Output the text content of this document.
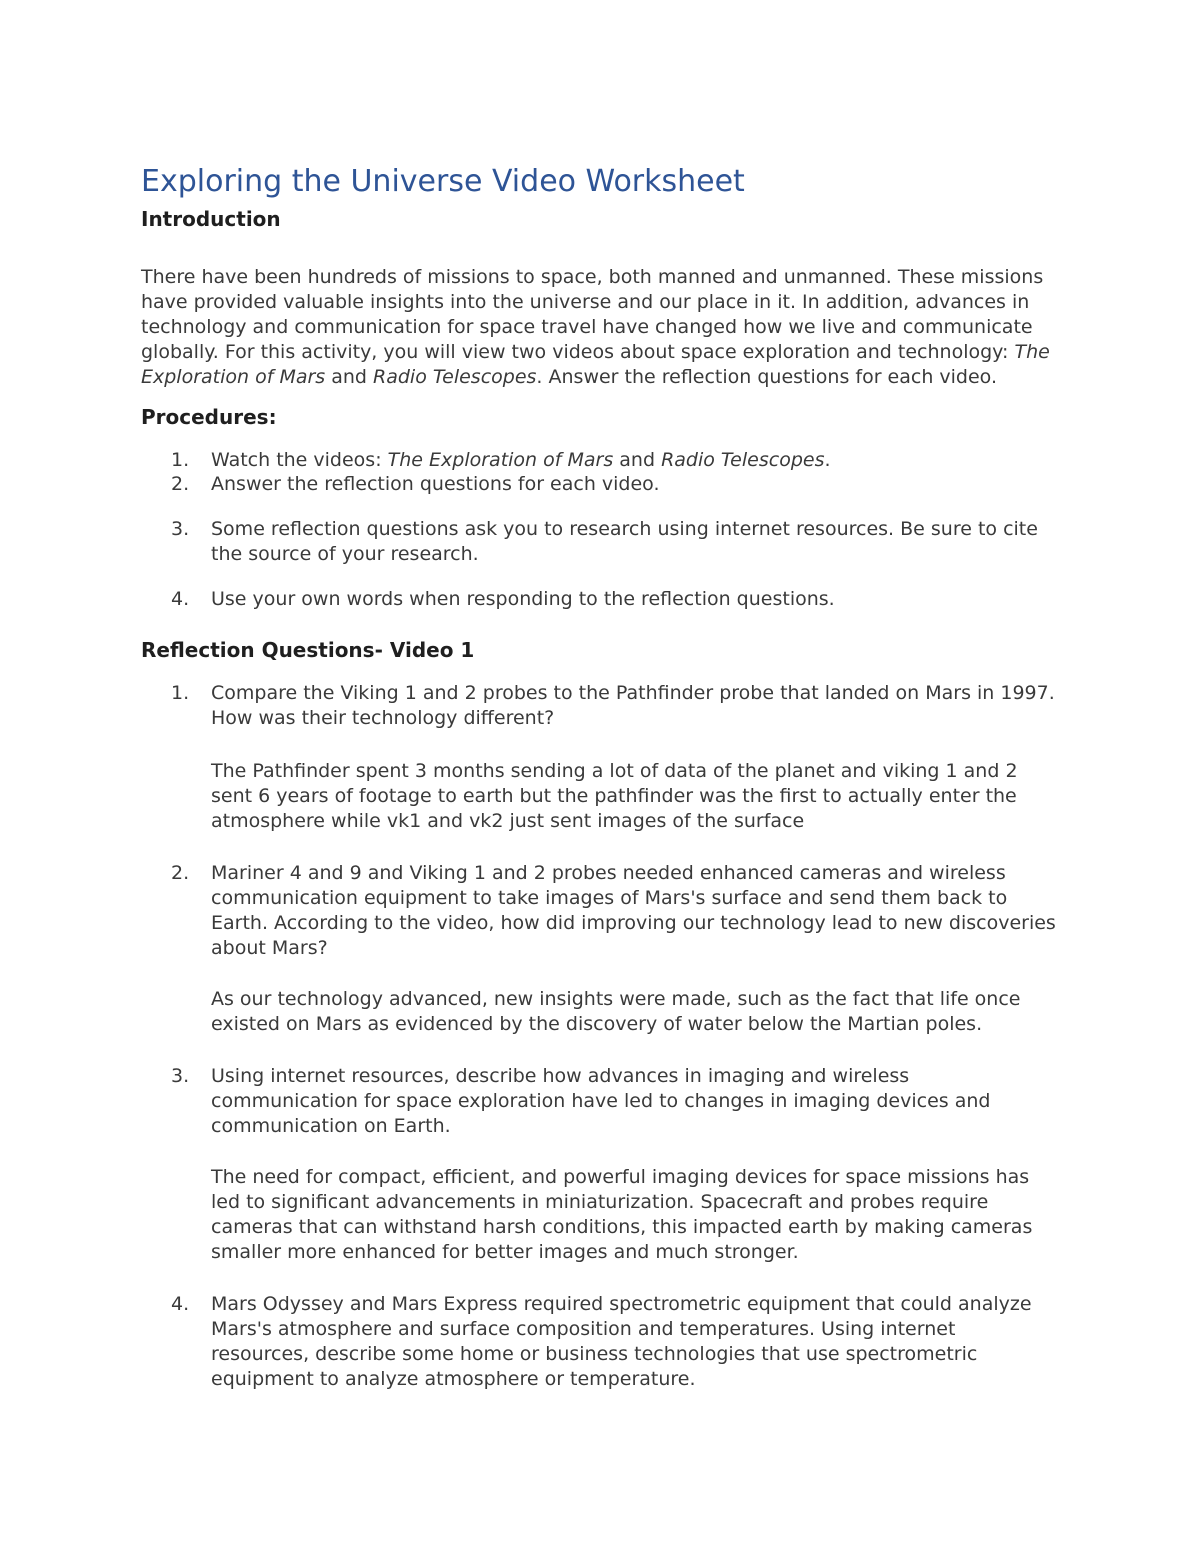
Exploring the Universe Video Worksheet
Introduction

There have been hundreds of missions to space, both manned and unmanned. These missions have provided valuable insights into the universe and our place in it. In addition, advances in technology and communication for space travel have changed how we live and communicate globally. For this activity, you will view two videos about space exploration and technology: The Exploration of Mars and Radio Telescopes. Answer the reflection questions for each video.

Procedures:
1.	Watch the videos: The Exploration of Mars and Radio Telescopes.
2.	Answer the reflection questions for each video.
3.	Some reflection questions ask you to research using internet resources. Be sure to cite the source of your research.
4.	Use your own words when responding to the reflection questions.
Reflection Questions- Video 1
1.	Compare the Viking 1 and 2 probes to the Pathfinder probe that landed on Mars in 1997. How was their technology different?

The Pathfinder spent 3 months sending a lot of data of the planet and viking 1 and 2 sent 6 years of footage to earth but the pathfinder was the first to actually enter the atmosphere while vk1 and vk2 just sent images of the surface

2.	Mariner 4 and 9 and Viking 1 and 2 probes needed enhanced cameras and wireless communication equipment to take images of Mars's surface and send them back to Earth. According to the video, how did improving our technology lead to new discoveries about Mars?

As our technology advanced, new insights were made, such as the fact that life once existed on Mars as evidenced by the discovery of water below the Martian poles.

3.	Using internet resources, describe how advances in imaging and wireless communication for space exploration have led to changes in imaging devices and communication on Earth.

The need for compact, efficient, and powerful imaging devices for space missions has led to significant advancements in miniaturization. Spacecraft and probes require cameras that can withstand harsh conditions, this impacted earth by making cameras smaller more enhanced for better images and much stronger.

4.	Mars Odyssey and Mars Express required spectrometric equipment that could analyze Mars's atmosphere and surface composition and temperatures. Using internet resources, describe some home or business technologies that use spectrometric equipment to analyze atmosphere or temperature.
